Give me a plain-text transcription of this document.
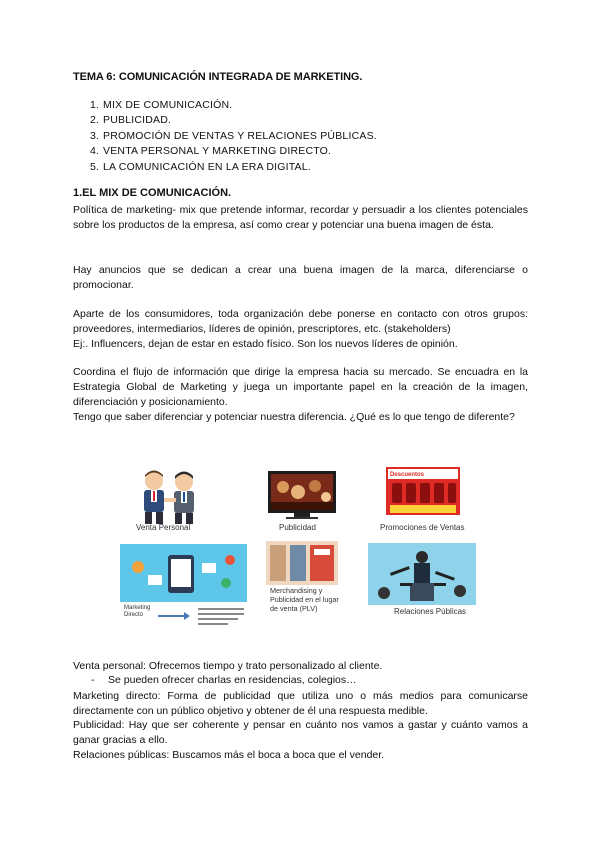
TEMA 6: COMUNICACIÓN INTEGRADA DE MARKETING.
1. MIX DE COMUNICACIÓN.
2. PUBLICIDAD.
3. PROMOCIÓN DE VENTAS Y RELACIONES PÚBLICAS.
4. VENTA PERSONAL Y MARKETING DIRECTO.
5. LA COMUNICACIÓN EN LA ERA DIGITAL.
1.EL MIX DE COMUNICACIÓN.

Política de marketing- mix que pretende informar, recordar y persuadir a los clientes potenciales sobre los productos de la empresa, así como crear y potenciar una buena imagen de ésta.

Hay anuncios que se dedican a crear una buena imagen de la marca, diferenciarse o promocionar.

Aparte de los consumidores, toda organización debe ponerse en contacto con otros grupos: proveedores, intermediarios, líderes de opinión, prescriptores, etc. (stakeholders)

Ej:. Influencers, dejan de estar en estado físico. Son los nuevos líderes de opinión.

Coordina el flujo de información que dirige la empresa hacia su mercado. Se encuadra en la Estrategia Global de Marketing y juega un importante papel en la creación de la imagen, diferenciación y posicionamiento.

Tengo que saber diferenciar y potenciar nuestra diferencia. ¿Qué es lo que tengo de diferente?

Descuentos
Venta Personal	Publicidad	Promociones de Ventas
Marketing Directo
Merchandising y Publicidad en el lugar de venta (PLV)	Relaciones Públicas

Venta personal: Ofrecemos tiempo y trato personalizado al cliente.

- Se pueden ofrecer charlas en residencias, colegios…

Marketing directo: Forma de publicidad que utiliza uno o más medios para comunicarse directamente con un público objetivo y obtener de él una respuesta medible.

Publicidad: Hay que ser coherente y pensar en cuánto nos vamos a gastar y cuánto vamos a ganar gracias a ello.

Relaciones públicas: Buscamos más el boca a boca que el vender.
